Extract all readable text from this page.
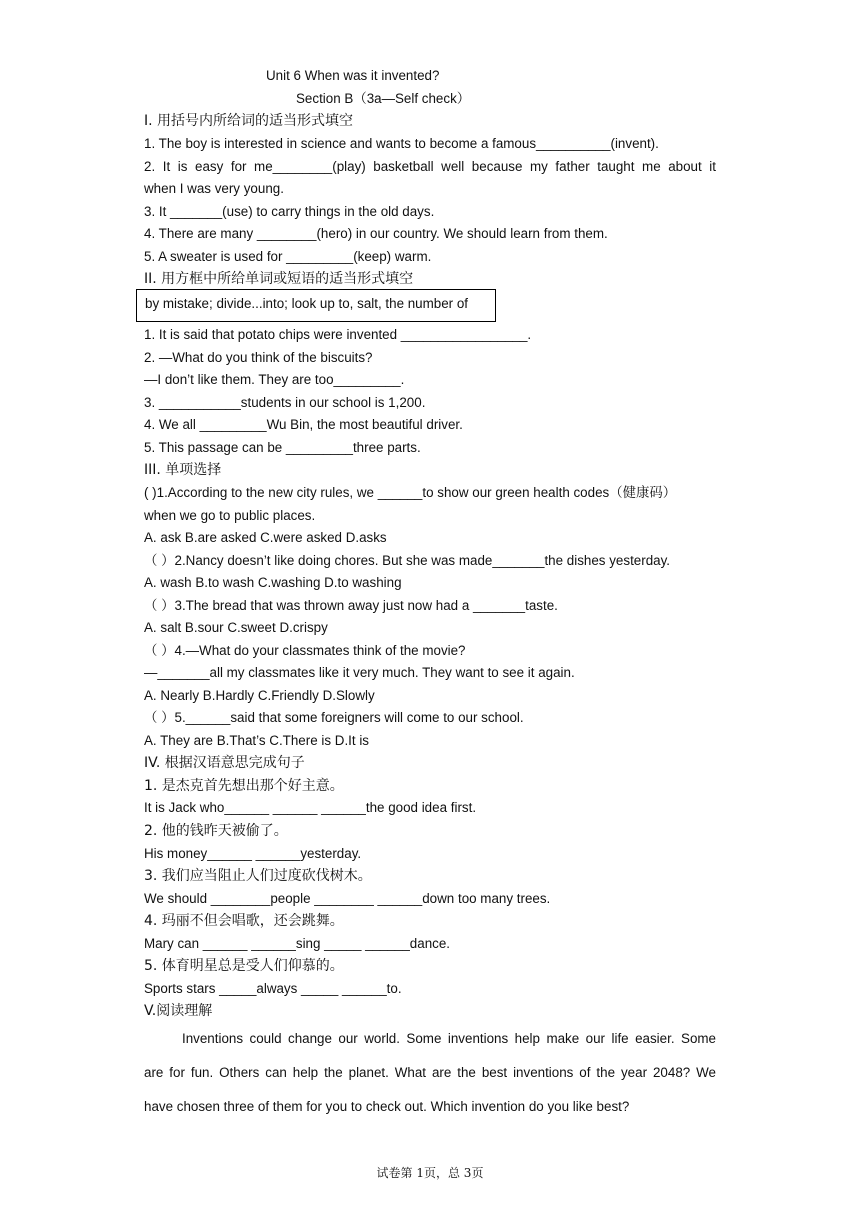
Unit 6 When was it invented?
Section B（3a—Self check）
I. 用括号内所给词的适当形式填空
1. The boy is interested in science and wants to become a famous__________(invent).
2. It is easy for me________(play) basketball well because my father taught me about it
when I was very young.
3. It _______(use) to carry things in the old days.
4. There are many ________(hero) in our country. We should learn from them.
5. A sweater is used for _________(keep) warm.
II. 用方框中所给单词或短语的适当形式填空
by mistake; divide...into; look up to, salt, the number of
1. It is said that potato chips were invented _________________.
2. —What do you think of the biscuits?
—I don’t like them. They are too_________.
3. ___________students in our school is 1,200.
4. We all _________Wu Bin, the most beautiful driver.
5. This passage can be _________three parts.
III. 单项选择
( )1.According to the new city rules, we ______to show our green health codes（健康码）
when we go to public places.
A. ask B.are asked C.were asked D.asks
（ ）2.Nancy doesn’t like doing chores. But she was made_______the dishes yesterday.
A. wash B.to wash C.washing D.to washing
（ ）3.The bread that was thrown away just now had a _______taste.
A. salt B.sour C.sweet D.crispy
（ ）4.—What do your classmates think of the movie?
—_______all my classmates like it very much. They want to see it again.
A. Nearly B.Hardly C.Friendly D.Slowly
（ ）5.______said that some foreigners will come to our school.
A. They are B.That’s C.There is D.It is
IV. 根据汉语意思完成句子
1. 是杰克首先想出那个好主意。
It is Jack who______ ______ ______the good idea first.
2. 他的钱昨天被偷了。
His money______ ______yesterday.
3. 我们应当阻止人们过度砍伐树木。
We should ________people ________ ______down too many trees.
4. 玛丽不但会唱歌，还会跳舞。
Mary can ______ ______sing _____ ______dance.
5. 体育明星总是受人们仰慕的。
Sports stars _____always _____ ______to.
V.阅读理解
Inventions could change our world. Some inventions help make our life easier. Some
are for fun. Others can help the planet. What are the best inventions of the year 2048? We
have chosen three of them for you to check out. Which invention do you like best?
试卷第 1页，总 3页
